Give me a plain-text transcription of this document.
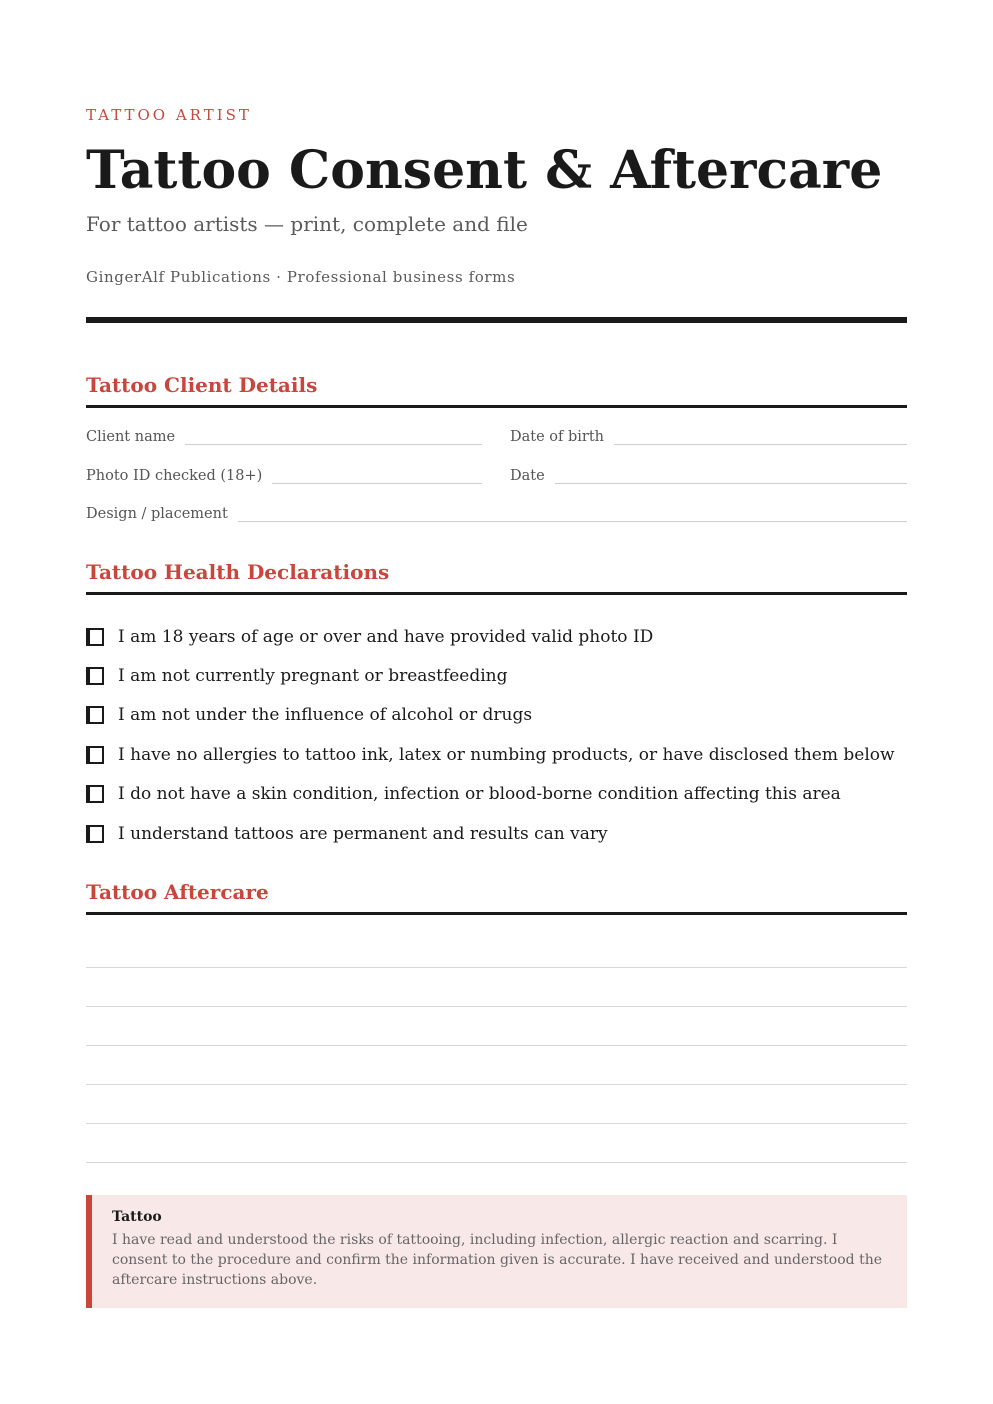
TATTOO ARTIST
Tattoo Consent & Aftercare
For tattoo artists — print, complete and file
GingerAlf Publications · Professional business forms
Tattoo Client Details
Client name	Date of birth
Photo ID checked (18+)	Date
Design / placement
Tattoo Health Declarations
I am 18 years of age or over and have provided valid photo ID
I am not currently pregnant or breastfeeding
I am not under the influence of alcohol or drugs
I have no allergies to tattoo ink, latex or numbing products, or have disclosed them below
I do not have a skin condition, infection or blood-borne condition affecting this area
I understand tattoos are permanent and results can vary
Tattoo Aftercare
Tattoo
I have read and understood the risks of tattooing, including infection, allergic reaction and scarring. I consent to the procedure and confirm the information given is accurate. I have received and understood the aftercare instructions above.
